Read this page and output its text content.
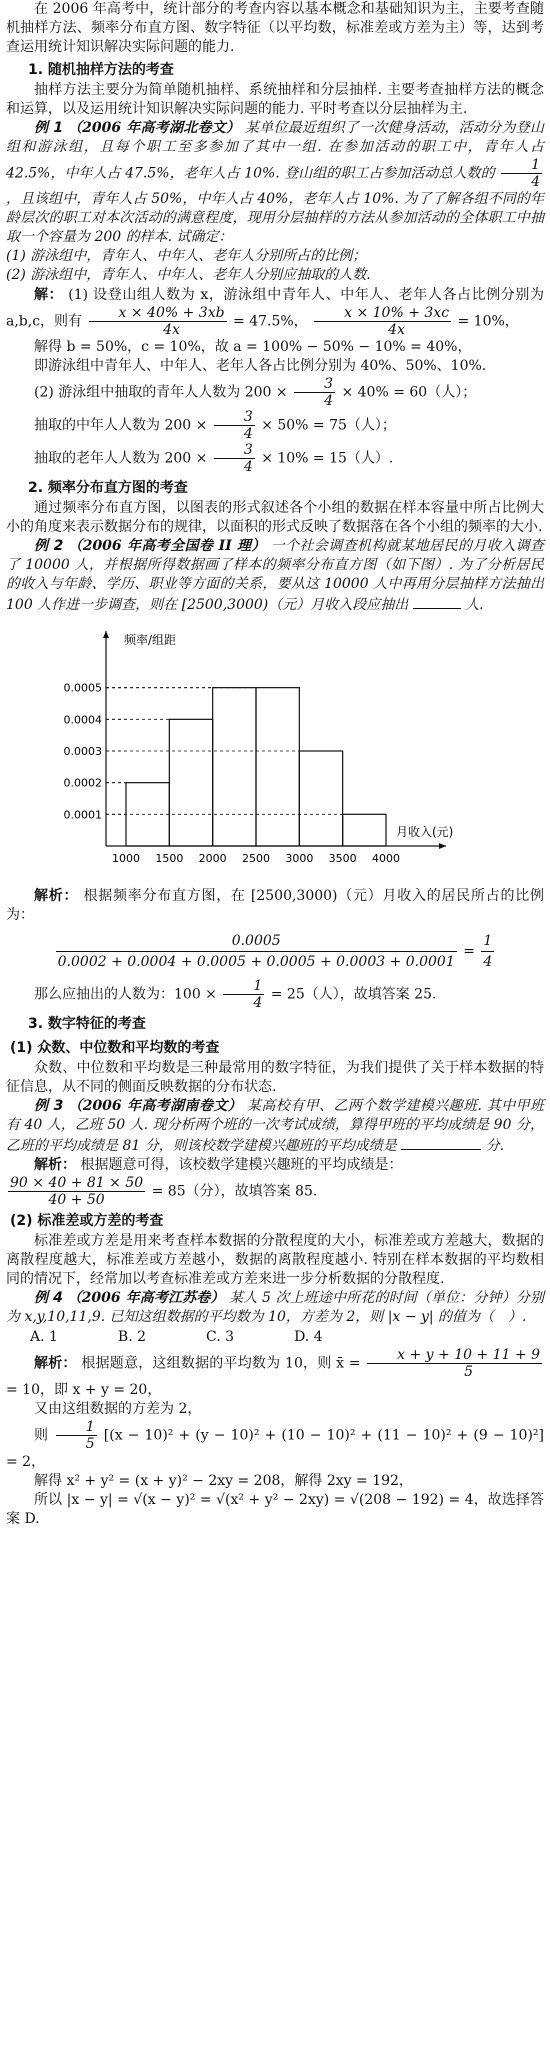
在 2006 年高考中，统计部分的考查内容以基本概念和基础知识为主，主要考查随机抽样方法、频率分布直方图、数字特征（以平均数，标准差或方差为主）等，达到考查运用统计知识解决实际问题的能力.

1. 随机抽样方法的考查

抽样方法主要分为简单随机抽样、系统抽样和分层抽样. 主要考查抽样方法的概念和运算，以及运用统计知识解决实际问题的能力. 平时考查以分层抽样为主.

例 1 （2006 年高考湖北卷文） 某单位最近组织了一次健身活动，活动分为登山组和游泳组，且每个职工至多参加了其中一组. 在参加活动的职工中，青年人占 42.5%，中年人占 47.5%，老年人占 10%. 登山组的职工占参加活动总人数的 $\frac{1}{4}$
，且该组中，青年人占 50%，中年人占 40%，老年人占 10%. 为了了解各组不同的年龄层次的职工对本次活动的满意程度，现用分层抽样的方法从参加活动的全体职工中抽取一个容量为 200 的样本. 试确定：

(1) 游泳组中，青年人、中年人、老年人分别所占的比例；

(2) 游泳组中，青年人、中年人、老年人分别应抽取的人数.

解： (1) 设登山组人数为 x，游泳组中青年人、中年人、老年人各占比例分别为 a,b,c，则有 $\frac{x \times 40\% + 3xb}{4x} = 47.5\%$， $\frac{x \times 10\% + 3xc}{4x} = 10\%$，

解得 b = 50%，c = 10%，故 a = 100% − 50% − 10% = 40%，

即游泳组中青年人、中年人、老年人各占比例分别为 40%、50%、10%.

(2) 游泳组中抽取的青年人人数为 $200 \times \frac{3}{4} \times 40\% = 60$（人）；

抽取的中年人人数为 $200 \times \frac{3}{4} \times 50\% = 75$（人）；

抽取的老年人人数为 $200 \times \frac{3}{4} \times 10\% = 15$（人）.

2. 频率分布直方图的考查

通过频率分布直方图，以图表的形式叙述各个小组的数据在样本容量中所占比例大小的角度来表示数据分布的规律，以面积的形式反映了数据落在各个小组的频率的大小.

例 2 （2006 年高考全国卷 II 理） 一个社会调查机构就某地居民的月收入调查了 10000 人，并根据所得数据画了样本的频率分布直方图（如下图）. 为了分析居民的收入与年龄、学历、职业等方面的关系，要从这 10000 人中再用分层抽样方法抽出 100 人作进一步调查，则在 [2500,3000)（元）月收入段应抽出	人.

0.0001
0.0002
0.0003
0.0004
0.0005
1000 1500 2000 2500 3000 3500 4000
频率/组距
月收入(元)

解析： 根据频率分布直方图，在 [2500,3000)（元）月收入的居民所占的比例为：

$\frac{0.0005}{0.0002 + 0.0004 + 0.0005 + 0.0005 + 0.0003 + 0.0001} = \frac{1}{4}$

那么应抽出的人数为：$100 \times \frac{1}{4} = 25$（人），故填答案 25.

3. 数字特征的考查
(1) 众数、中位数和平均数的考查

众数、中位数和平均数是三种最常用的数字特征，为我们提供了关于样本数据的特征信息，从不同的侧面反映数据的分布状态.

例 3 （2006 年高考湖南卷文） 某高校有甲、乙两个数学建模兴趣班. 其中甲班有 40 人，乙班 50 人. 现分析两个班的一次考试成绩，算得甲班的平均成绩是 90 分，乙班的平均成绩是 81 分，则该校数学建模兴趣班的平均成绩是	分.

解析： 根据题意可得，该校数学建模兴趣班的平均成绩是：

$\frac{90 \times 40 + 81 \times 50}{40 + 50} = 85$（分），故填答案 85.

(2) 标准差或方差的考查

标准差或方差是用来考查样本数据的分散程度的大小，标准差或方差越大，数据的离散程度越大，标准差或方差越小，数据的离散程度越小. 特别在样本数据的平均数相同的情况下，经常加以考查标准差或方差来进一步分析数据的分散程度.

例 4 （2006 年高考江苏卷） 某人 5 次上班途中所花的时间（单位：分钟）分别为 x,y,10,11,9. 已知这组数据的平均数为 10，方差为 2，则 |x − y| 的值为（　）.

A. 1	B. 2	C. 3	D. 4

解析： 根据题意，这组数据的平均数为 10，则 x̄ = $\frac{x + y + 10 + 11 + 9}{5}$
= 10，即 x + y = 20，

又由这组数据的方差为 2，

则 $\frac{1}{5} [(x - 10)^2 + (y - 10)^2 + (10 - 10)^2 + (11 - 10)^2 + (9 - 10)^2] = 2$，

解得 x² + y² = (x + y)² − 2xy = 208，解得 2xy = 192，

所以 |x − y| = √(x − y)² = √(x² + y² − 2xy) = √(208 − 192) = 4，故选择答案 D.
